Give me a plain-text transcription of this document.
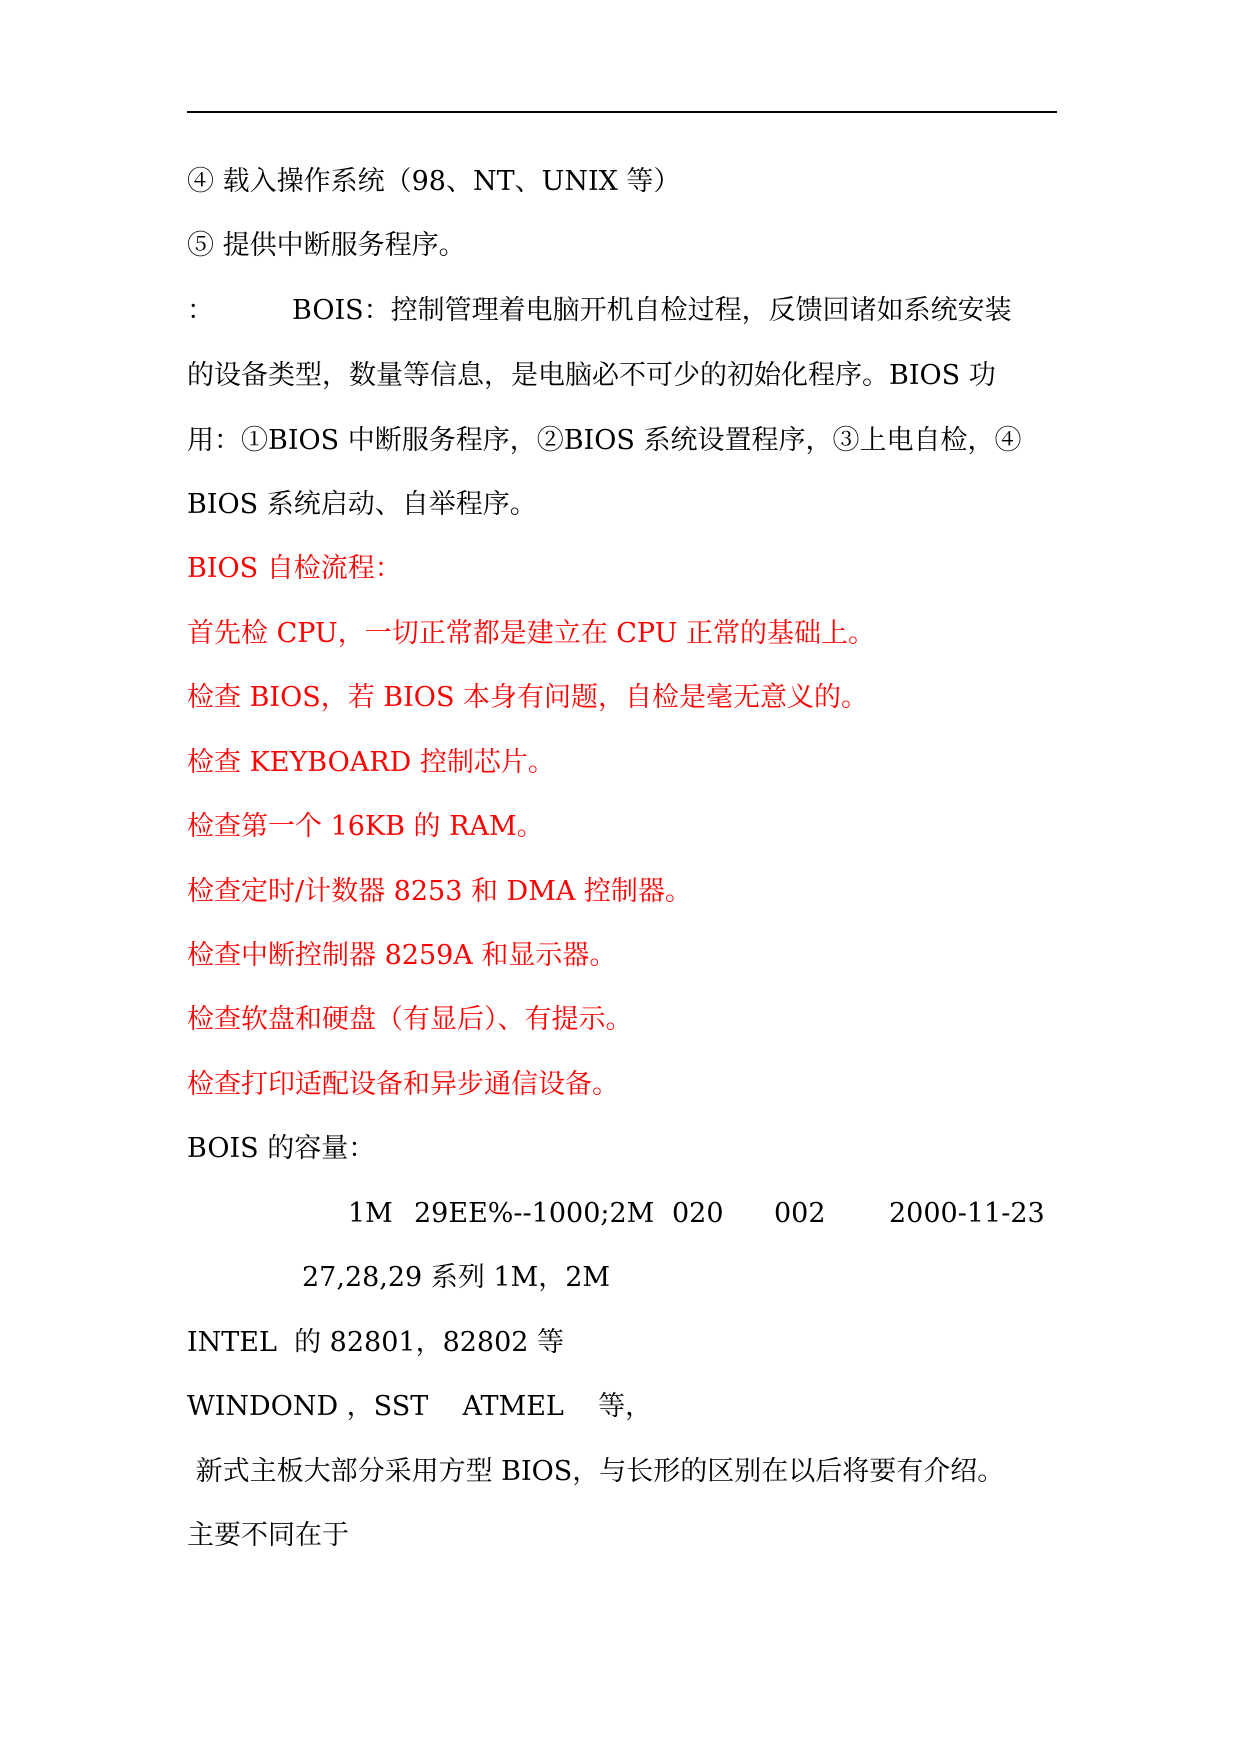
④ 载入操作系统（98、NT、UNIX 等）
⑤ 提供中断服务程序。
：	BOIS：控制管理着电脑开机自检过程，反馈回诸如系统安装
的设备类型，数量等信息，是电脑必不可少的初始化程序。BIOS 功
用：①BIOS 中断服务程序，②BIOS 系统设置程序，③上电自检，④
BIOS 系统启动、自举程序。
BIOS 自检流程：
首先检 CPU，一切正常都是建立在 CPU 正常的基础上。
检查 BIOS，若 BIOS 本身有问题，自检是毫无意义的。
检查 KEYBOARD 控制芯片。
检查第一个 16KB 的 RAM。
检查定时/计数器 8253 和 DMA 控制器。
检查中断控制器 8259A 和显示器。
检查软盘和硬盘（有显后）、有提示。
检查打印适配设备和异步通信设备。
BOIS 的容量：
1M 29EE%--1000;2M 020 002 2000-11-23
27,28,29 系列 1M，2M
INTEL  的 82801，82802 等
WINDOND ，SST    ATMEL    等，
新式主板大部分采用方型 BIOS，与长形的区别在以后将要有介绍。
主要不同在于
